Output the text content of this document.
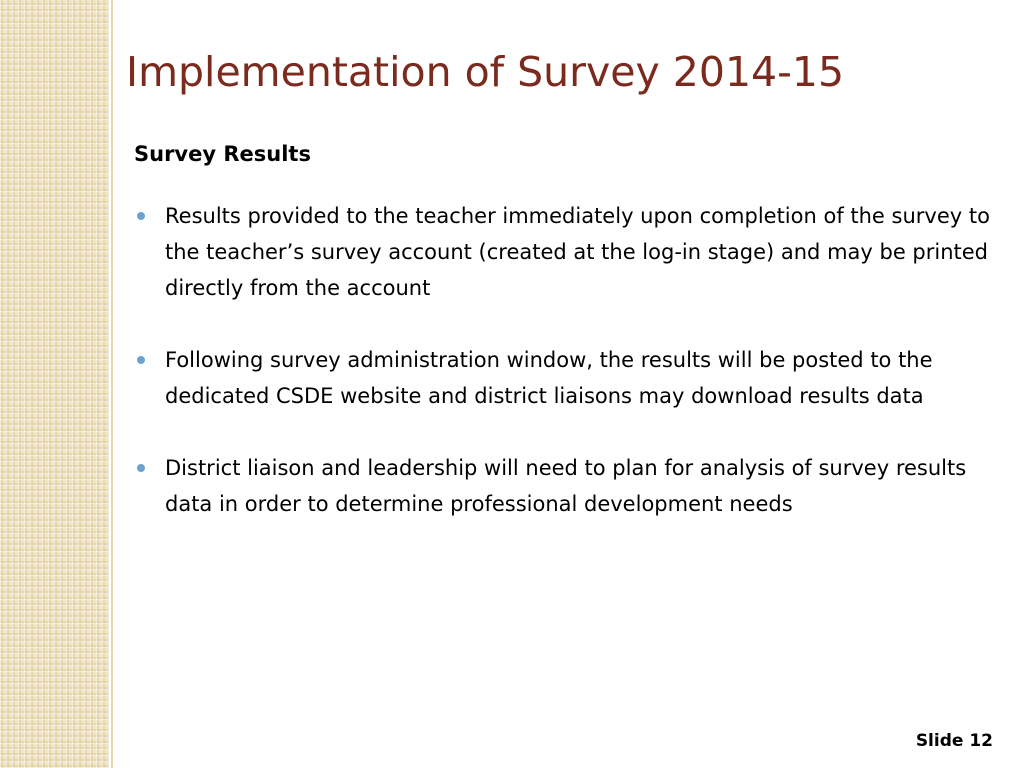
Implementation of Survey 2014-15
Survey Results
Results provided to the teacher immediately upon completion of the survey to the teacher’s survey account (created at the log-in stage) and may be printed directly from the account
Following survey administration window, the results will be posted to the dedicated CSDE website and district liaisons may download results data
District liaison and leadership will need to plan for analysis of survey results data in order to determine professional development needs
Slide 12
